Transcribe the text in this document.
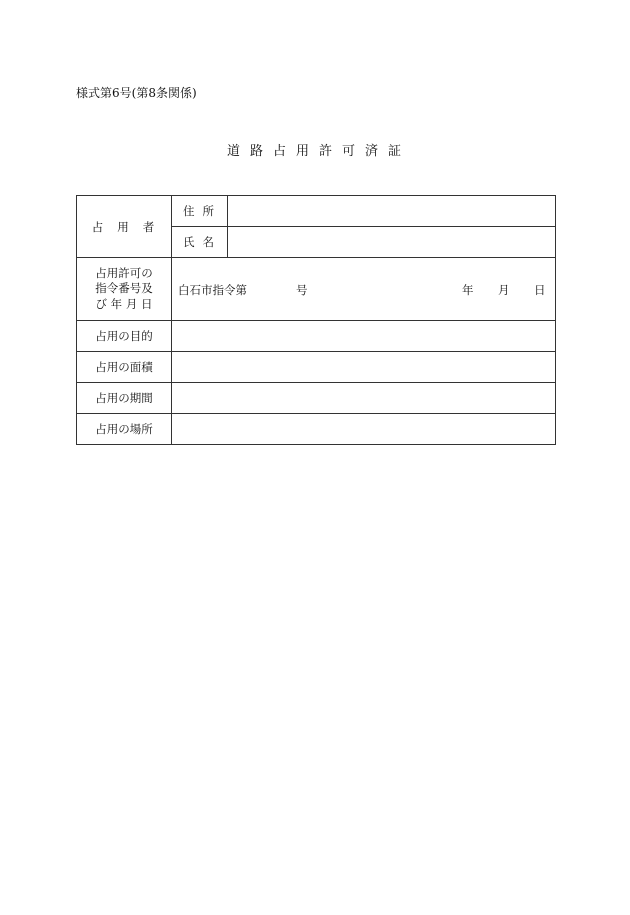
様式第6号(第8条関係)
道路占用許可済証
占用者	住所	
	氏名	

占用許可の
指令番号及
び 年 月 日	白石市指令第 号 年 月 日	

占用の目的		
占用の面積		
占用の期間		
占用の場所		
